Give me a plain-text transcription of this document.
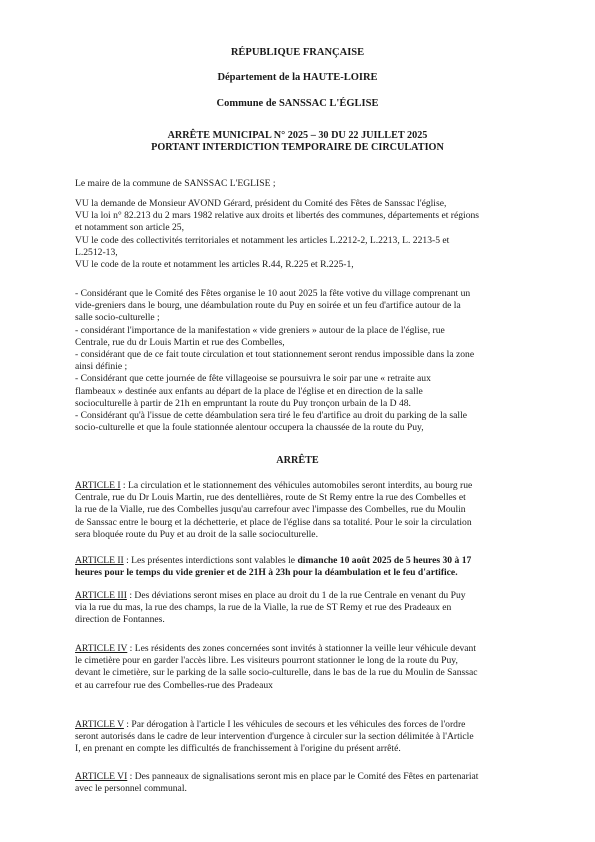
RÉPUBLIQUE FRANÇAISE
Département de la HAUTE-LOIRE
Commune de SANSSAC L'ÉGLISE
ARRÊTE MUNICIPAL N° 2025 – 30 DU 22 JUILLET 2025
PORTANT INTERDICTION TEMPORAIRE DE CIRCULATION
Le maire de la commune de SANSSAC L'EGLISE ;
VU la demande de Monsieur AVOND Gérard, président du Comité des Fêtes de Sanssac l'église,
VU la loi n° 82.213 du 2 mars 1982 relative aux droits et libertés des communes, départements et régions
et notamment son article 25,
VU le code des collectivités territoriales et notamment les articles L.2212-2, L.2213, L. 2213-5 et
L.2512-13,
VU le code de la route et notamment les articles R.44, R.225 et R.225-1,
- Considérant que le Comité des Fêtes organise le 10 aout 2025 la fête votive du village comprenant un
vide-greniers dans le bourg, une déambulation route du Puy en soirée et un feu d'artifice autour de la
salle socio-culturelle ;
- considérant l'importance de la manifestation « vide greniers » autour de la place de l'église, rue
Centrale, rue du dr Louis Martin et rue des Combelles,
- considérant que de ce fait toute circulation et tout stationnement seront rendus impossible dans la zone
ainsi définie ;
- Considérant que cette journée de fête villageoise se poursuivra le soir par une « retraite aux
flambeaux » destinée aux enfants au départ de la place de l'église et en direction de la salle
socioculturelle à partir de 21h en empruntant la route du Puy tronçon urbain de la D 48.
- Considérant qu'à l'issue de cette déambulation sera tiré le feu d'artifice au droit du parking de la salle
socio-culturelle et que la foule stationnée alentour occupera la chaussée de la route du Puy,
ARRÊTE
ARTICLE I : La circulation et le stationnement des véhicules automobiles seront interdits, au bourg rue
Centrale, rue du Dr Louis Martin, rue des dentellières, route de St Remy entre la rue des Combelles et
la rue de la Vialle, rue des Combelles jusqu'au carrefour avec l'impasse des Combelles, rue du Moulin
de Sanssac entre le bourg et la déchetterie, et place de l'église dans sa totalité. Pour le soir la circulation
sera bloquée route du Puy et au droit de la salle socioculturelle.
ARTICLE II : Les présentes interdictions sont valables le dimanche 10 août 2025 de 5 heures 30 à 17
heures pour le temps du vide grenier et de 21H à 23h pour la déambulation et le feu d'artifice.
ARTICLE III : Des déviations seront mises en place au droit du 1 de la rue Centrale en venant du Puy
via la rue du mas, la rue des champs, la rue de la Vialle, la rue de ST Remy et rue des Pradeaux en
direction de Fontannes.
ARTICLE IV : Les résidents des zones concernées sont invités à stationner la veille leur véhicule devant
le cimetière pour en garder l'accès libre. Les visiteurs pourront stationner le long de la route du Puy,
devant le cimetière, sur le parking de la salle socio-culturelle, dans le bas de la rue du Moulin de Sanssac
et au carrefour rue des Combelles-rue des Pradeaux
ARTICLE V : Par dérogation à l'article I les véhicules de secours et les véhicules des forces de l'ordre
seront autorisés dans le cadre de leur intervention d'urgence à circuler sur la section délimitée à l'Article
I, en prenant en compte les difficultés de franchissement à l'origine du présent arrêté.
ARTICLE VI : Des panneaux de signalisations seront mis en place par le Comité des Fêtes en partenariat
avec le personnel communal.
